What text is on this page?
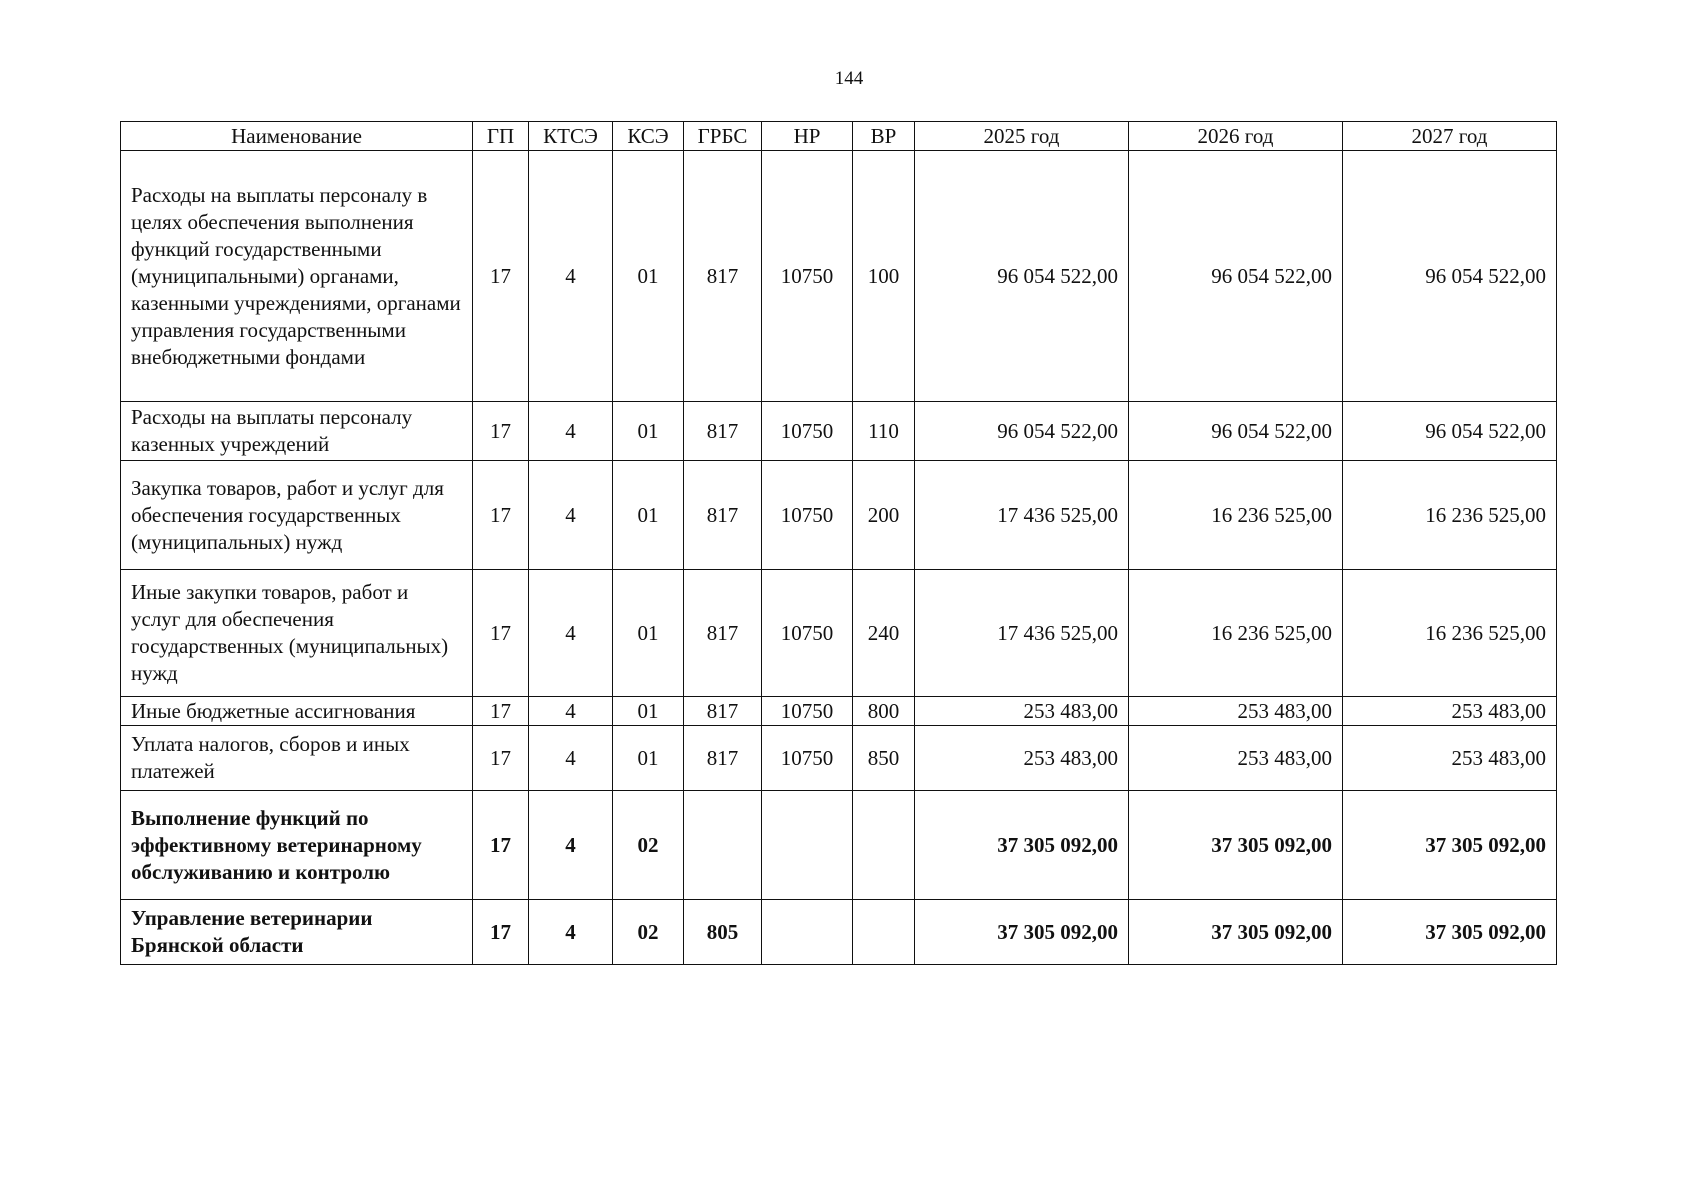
144
Наименование	ГП	КТСЭ	КСЭ	ГРБС	НР	ВР	2025 год	2026 год	2027 год
Расходы на выплаты персоналу в целях обеспечения выполнения функций государственными (муниципальными) органами, казенными учреждениями, органами управления государственными внебюджетными фондами	17	4	01	817	10750	100	96 054 522,00	96 054 522,00	96 054 522,00
Расходы на выплаты персоналу казенных учреждений	17	4	01	817	10750	110	96 054 522,00	96 054 522,00	96 054 522,00
Закупка товаров, работ и услуг для обеспечения государственных (муниципальных) нужд	17	4	01	817	10750	200	17 436 525,00	16 236 525,00	16 236 525,00
Иные закупки товаров, работ и услуг для обеспечения государственных (муниципальных) нужд	17	4	01	817	10750	240	17 436 525,00	16 236 525,00	16 236 525,00
Иные бюджетные ассигнования	17	4	01	817	10750	800	253 483,00	253 483,00	253 483,00
Уплата налогов, сборов и иных платежей	17	4	01	817	10750	850	253 483,00	253 483,00	253 483,00
Выполнение функций по эффективному ветеринарному обслуживанию и контролю	17	4	02				37 305 092,00	37 305 092,00	37 305 092,00
Управление ветеринарии Брянской области	17	4	02	805			37 305 092,00	37 305 092,00	37 305 092,00
